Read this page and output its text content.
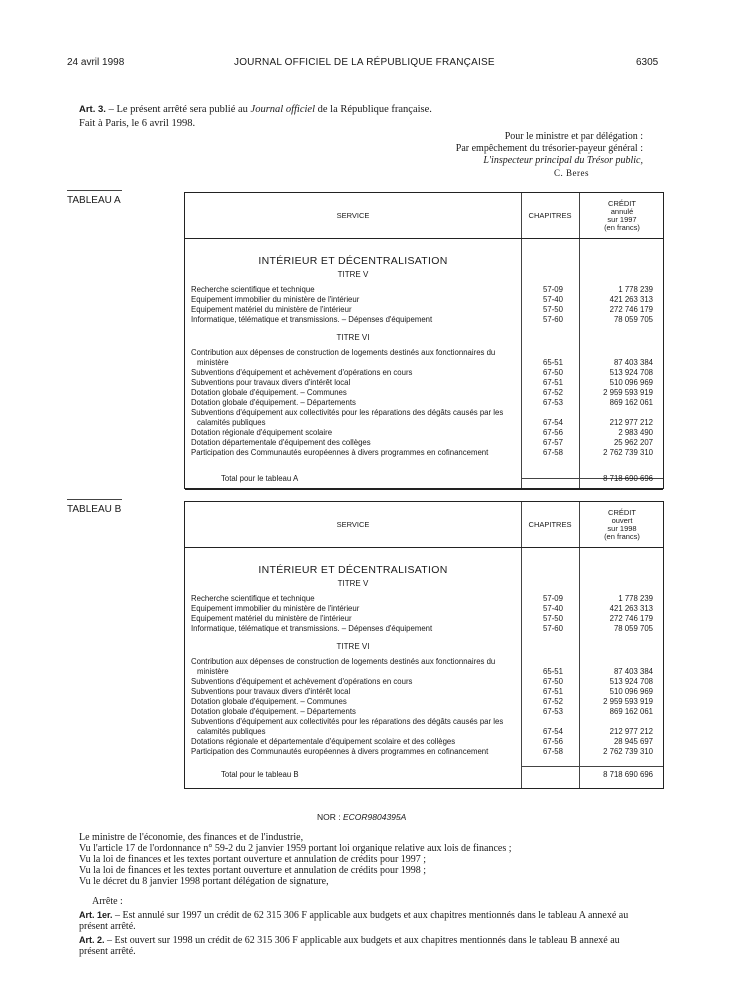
24 avril 1998	JOURNAL OFFICIEL DE LA RÉPUBLIQUE FRANÇAISE	6305
Art. 3. – Le présent arrêté sera publié au Journal officiel de la République française.
Fait à Paris, le 6 avril 1998.
Pour le ministre et par délégation :
Par empêchement du trésorier-payeur général :
L'inspecteur principal du Trésor public,
C. Beres
TABLEAU A
SERVICE	CHAPITRES
CRÉDIT
annulé
sur 1997
(en francs)
INTÉRIEUR ET DÉCENTRALISATION
TITRE V
Recherche scientifique et technique	57-09	1 778 239
Equipement immobilier du ministère de l'intérieur	57-40	421 263 313
Equipement matériel du ministère de l'intérieur	57-50	272 746 179
Informatique, télématique et transmissions. – Dépenses d'équipement	57-60	78 059 705
TITRE VI
Contribution aux dépenses de construction de logements destinés aux fonctionnaires du
ministère	65-51	87 403 384
Subventions d'équipement et achèvement d'opérations en cours	67-50	513 924 708
Subventions pour travaux divers d'intérêt local	67-51	510 096 969
Dotation globale d'équipement. – Communes	67-52	2 959 593 919
Dotation globale d'équipement. – Départements	67-53	869 162 061
Subventions d'équipement aux collectivités pour les réparations des dégâts causés par les
calamités publiques	67-54	212 977 212
Dotation régionale d'équipement scolaire	67-56	2 983 490
Dotation départementale d'équipement des collèges	67-57	25 962 207
Participation des Communautés européennes à divers programmes en cofinancement	67-58	2 762 739 310
Total pour le tableau A	8 718 690 696
TABLEAU B
SERVICE	CHAPITRES
CRÉDIT
ouvert
sur 1998
(en francs)
INTÉRIEUR ET DÉCENTRALISATION
TITRE V
Recherche scientifique et technique	57-09	1 778 239
Equipement immobilier du ministère de l'intérieur	57-40	421 263 313
Equipement matériel du ministère de l'intérieur	57-50	272 746 179
Informatique, télématique et transmissions. – Dépenses d'équipement	57-60	78 059 705
TITRE VI
Contribution aux dépenses de construction de logements destinés aux fonctionnaires du
ministère	65-51	87 403 384
Subventions d'équipement et achèvement d'opérations en cours	67-50	513 924 708
Subventions pour travaux divers d'intérêt local	67-51	510 096 969
Dotation globale d'équipement. – Communes	67-52	2 959 593 919
Dotation globale d'équipement. – Départements	67-53	869 162 061
Subventions d'équipement aux collectivités pour les réparations des dégâts causés par les
calamités publiques	67-54	212 977 212
Dotations régionale et départementale d'équipement scolaire et des collèges	67-56	28 945 697
Participation des Communautés européennes à divers programmes en cofinancement	67-58	2 762 739 310
Total pour le tableau B	8 718 690 696
NOR : ECOR9804395A
Le ministre de l'économie, des finances et de l'industrie,
Vu l'article 17 de l'ordonnance n° 59-2 du 2 janvier 1959 portant loi organique relative aux lois de finances ;
Vu la loi de finances et les textes portant ouverture et annulation de crédits pour 1997 ;
Vu la loi de finances et les textes portant ouverture et annulation de crédits pour 1998 ;
Vu le décret du 8 janvier 1998 portant délégation de signature,
Arrête :
Art. 1er. – Est annulé sur 1997 un crédit de 62 315 306 F applicable aux budgets et aux chapitres mentionnés dans le tableau A annexé au
présent arrêté.
Art. 2. – Est ouvert sur 1998 un crédit de 62 315 306 F applicable aux budgets et aux chapitres mentionnés dans le tableau B annexé au
présent arrêté.
